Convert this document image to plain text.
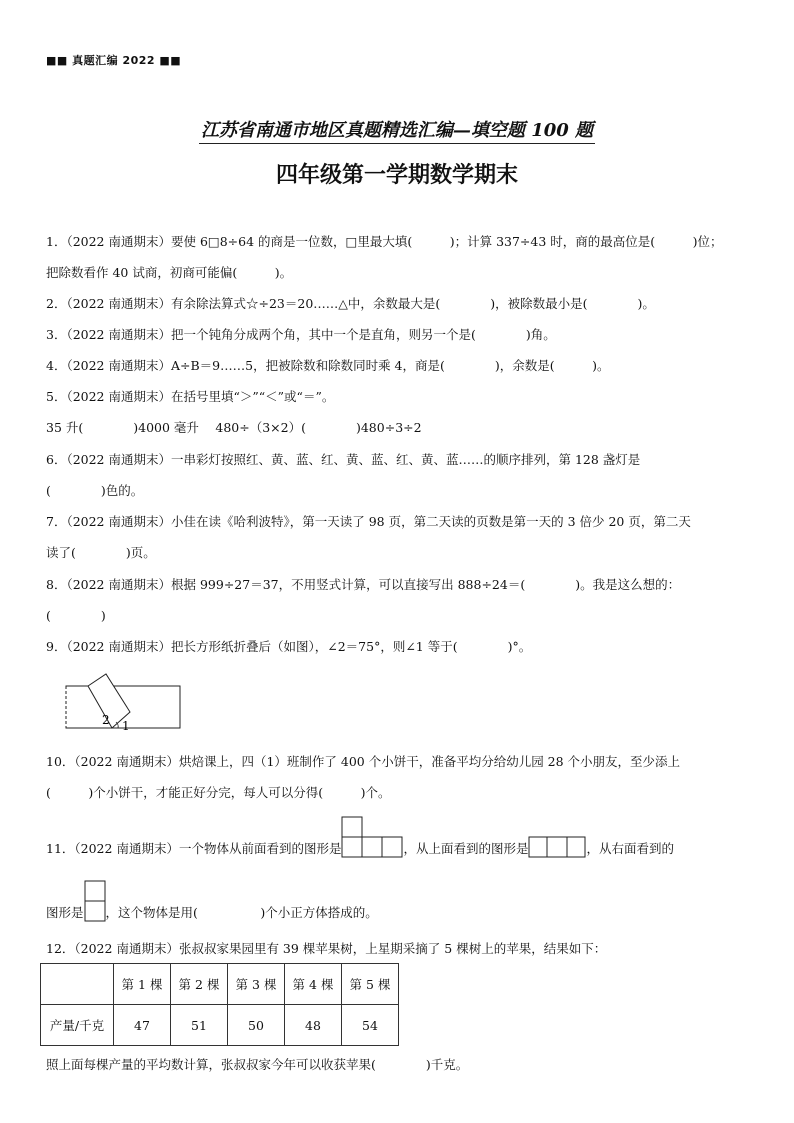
■■ 真题汇编 2022 ■■
江苏省南通市地区真题精选汇编—填空题 100 题
四年级第一学期数学期末
1．（2022 南通期末）要使 6□8÷64 的商是一位数，□里最大填(　　　)；计算 337÷43 时，商的最高位是(　　　)位；
把除数看作 40 试商，初商可能偏(　　　)。
2．（2022 南通期末）有余除法算式☆÷23＝20……△中，余数最大是(　　　　)，被除数最小是(　　　　)。
3．（2022 南通期末）把一个钝角分成两个角，其中一个是直角，则另一个是(　　　　)角。
4．（2022 南通期末）A÷B＝9……5，把被除数和除数同时乘 4，商是(　　　　)，余数是(　　　)。
5．（2022 南通期末）在括号里填“＞”“＜”或“＝”。
35 升(　　　　)4000 毫升　 480÷（3×2）(　　　　)480÷3÷2
6．（2022 南通期末）一串彩灯按照红、黄、蓝、红、黄、蓝、红、黄、蓝……的顺序排列，第 128 盏灯是
(　　　　)色的。
7．（2022 南通期末）小佳在读《哈利波特》，第一天读了 98 页，第二天读的页数是第一天的 3 倍少 20 页，第二天
读了(　　　　)页。
8．（2022 南通期末）根据 999÷27＝37，不用竖式计算，可以直接写出 888÷24＝(　　　　)。我是这么想的：
(　　　　)
9．（2022 南通期末）把长方形纸折叠后（如图），∠2＝75°，则∠1 等于(　　　　)°。
2 1
10．（2022 南通期末）烘焙课上，四（1）班制作了 400 个小饼干，准备平均分给幼儿园 28 个小朋友，至少添上
(　　　)个小饼干，才能正好分完，每人可以分得(　　　)个。
11．（2022 南通期末）一个物体从前面看到的图形是	，从上面看到的图形是	，从右面看到的
图形是 ，这个物体是用(　　　　　)个小正方体搭成的。
12．（2022 南通期末）张叔叔家果园里有 39 棵苹果树，上星期采摘了 5 棵树上的苹果，结果如下：
	第 1 棵	第 2 棵	第 3 棵	第 4 棵	第 5 棵
产量/千克	47	51	50	48	54
照上面每棵产量的平均数计算，张叔叔家今年可以收获苹果(　　　　)千克。
